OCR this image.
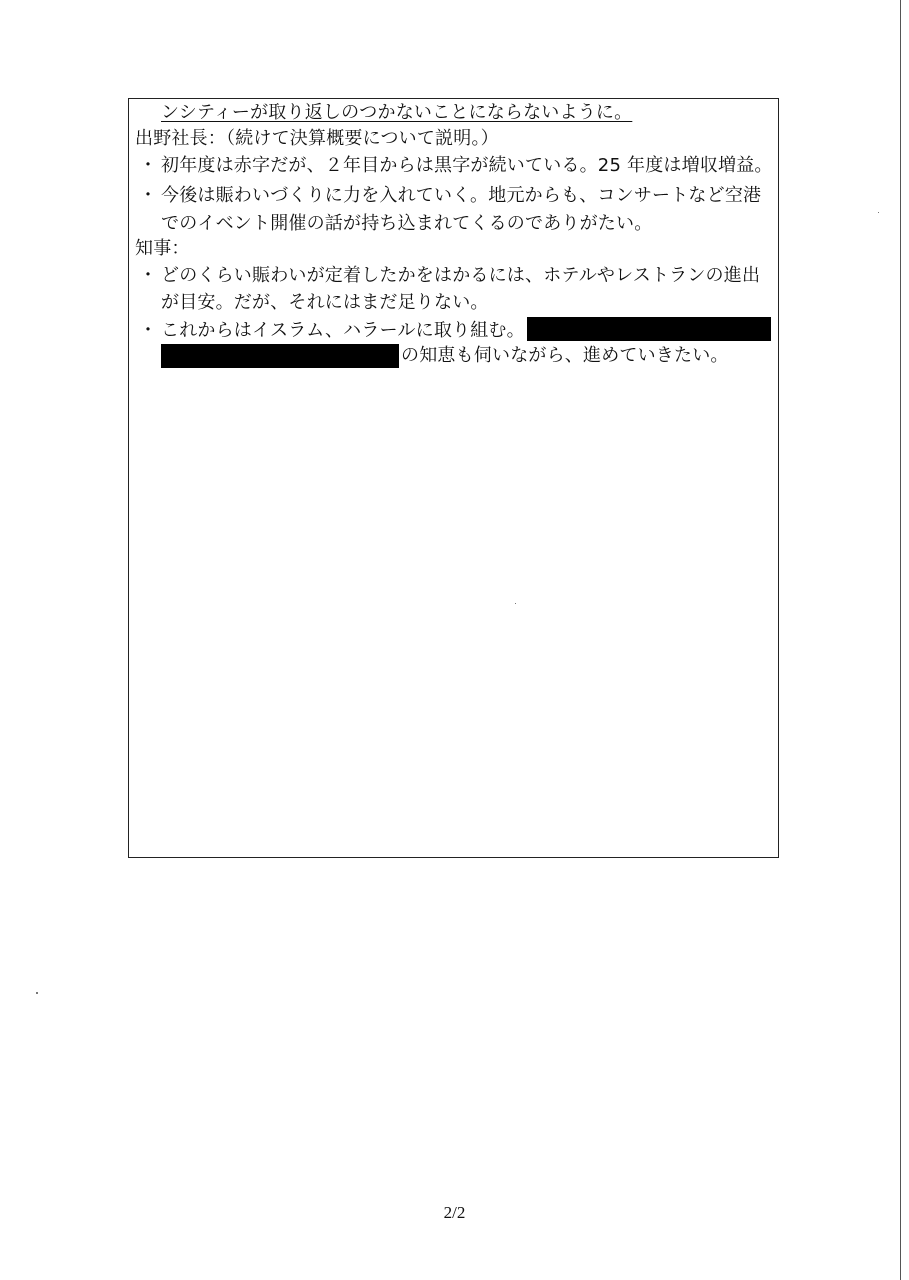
ンシティーが取り返しのつかないことにならないように。
出野社長：（続けて決算概要について説明。）
・ 初年度は赤字だが、２年目からは黒字が続いている。25 年度は増収増益。
・ 今後は賑わいづくりに力を入れていく。地元からも、コンサートなど空港
でのイベント開催の話が持ち込まれてくるのでありがたい。
知事：
・ どのくらい賑わいが定着したかをはかるには、ホテルやレストランの進出
が目安。だが、それにはまだ足りない。
・ これからはイスラム、ハラールに取り組む。
の知恵も伺いながら、進めていきたい。
2/2
